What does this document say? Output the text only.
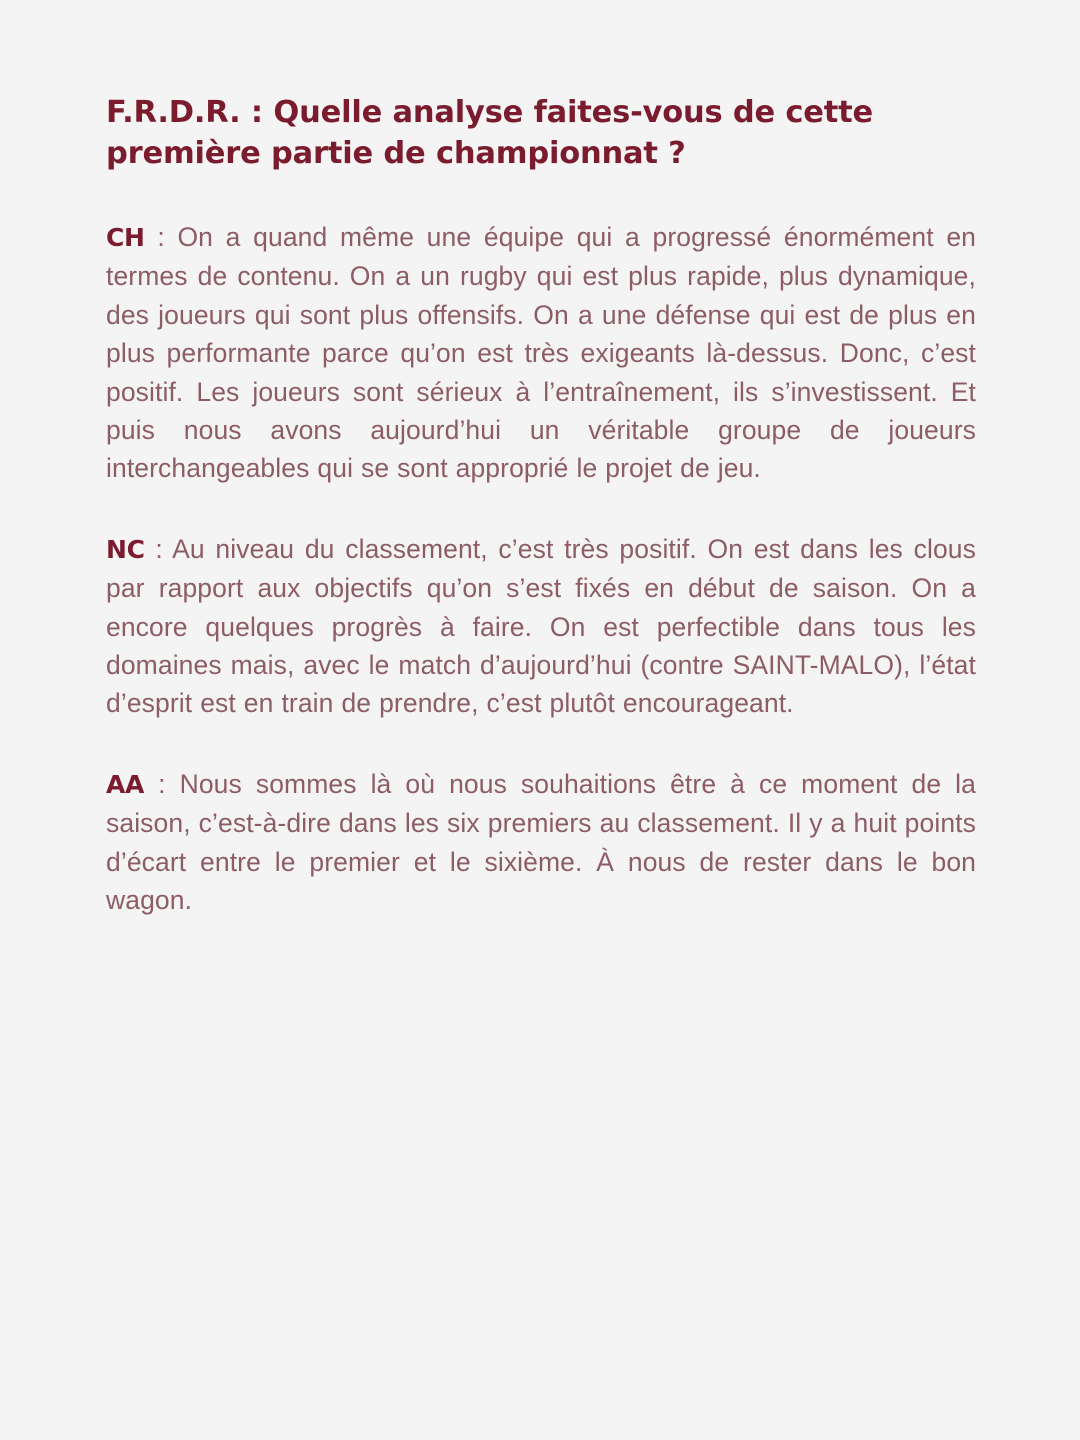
F.R.D.R. : Quelle analyse faites-vous de cette première partie de championnat ?

CH : On a quand même une équipe qui a progressé énormément en termes de contenu. On a un rugby qui est plus rapide, plus dynamique, des joueurs qui sont plus offensifs. On a une défense qui est de plus en plus performante parce qu’on est très exigeants là-dessus. Donc, c’est positif. Les joueurs sont sérieux à l’entraînement, ils s’investissent. Et puis nous avons aujourd’hui un véritable groupe de joueurs interchangeables qui se sont approprié le projet de jeu.

NC : Au niveau du classement, c’est très positif. On est dans les clous par rapport aux objectifs qu’on s’est fixés en début de saison. On a encore quelques progrès à faire. On est perfectible dans tous les domaines mais, avec le match d’aujourd’hui (contre SAINT-MALO), l’état d’esprit est en train de prendre, c’est plutôt encourageant.

AA : Nous sommes là où nous souhaitions être à ce moment de la saison, c’est-à-dire dans les six premiers au classement. Il y a huit points d’écart entre le premier et le sixième. À nous de rester dans le bon wagon.
